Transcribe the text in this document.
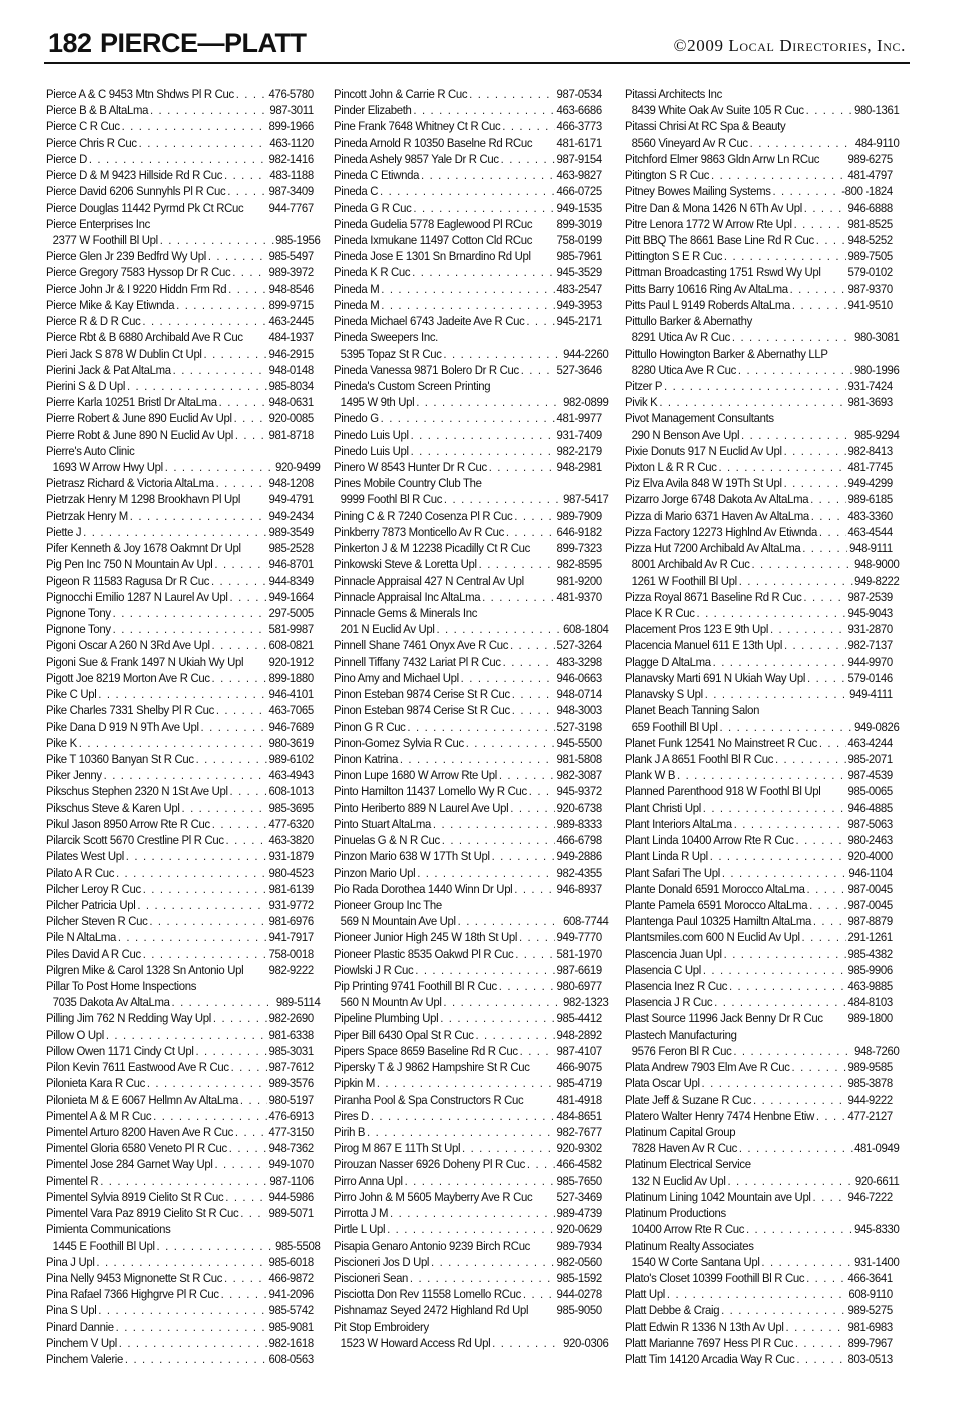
182 PIERCE—PLATT	©2009 Local Directories, Inc.
Pierce A & C 9453 Mtn Shdws Pl R Cuc . . .	476-5780
Pierce B & B AltaLma . . .	987-3011
Pierce C R Cuc . . .	899-1966
Pierce Chris R Cuc . . .	463-1120
Pierce D . . .	982-1416
Pierce D & M 9423 Hillside Rd R Cuc . . .	483-1188
Pierce David 6206 Sunnyhls Pl R Cuc . . .	987-3409
Pierce Douglas 11442 Pyrmd Pk Ct RCuc 944-7767
Pierce Enterprises Inc
2377 W Foothill Bl Upl . . .	985-1956
Pierce Glen Jr 239 Bedfrd Wy Upl . . .	985-5497
Pierce Gregory 7583 Hyssop Dr R Cuc . . .	989-3972
Pierce John Jr & I 9220 Hiddn Frm Rd . . .	948-8546
Pierce Mike & Kay Etiwnda . . .	899-9715
Pierce R & D R Cuc . . .	463-2445
Pierce Rbt & B 6880 Archibald Ave R Cuc 484-1937
Pieri Jack S 878 W Dublin Ct Upl . . .	946-2915
Pierini Jack & Pat AltaLma . . .	948-0148
Pierini S & D Upl . . .	985-8034
Pierre Karla 10251 Bristl Dr AltaLma . . .	948-0631
Pierre Robert & June 890 Euclid Av Upl . . .	920-0085
Pierre Robt & June 890 N Euclid Av Upl . . .	981-8718
Pierre's Auto Clinic
1693 W Arrow Hwy Upl . . .	920-9499
Pietrasz Richard & Victoria AltaLma . . .	948-1208
Pietrzak Henry M 1298 Brookhavn Pl Upl 949-4791
Pietrzak Henry M . . .	949-2434
Piette J . . .	989-3549
Pifer Kenneth & Joy 1678 Oakmnt Dr Upl 985-2528
Pig Pen Inc 750 N Mountain Av Upl . . .	946-8701
Pigeon R 11583 Ragusa Dr R Cuc . . .	944-8349
Pignocchi Emilio 1287 N Laurel Av Upl . . .	949-1664
Pignone Tony . . .	297-5005
Pignone Tony . . .	581-9987
Pigoni Oscar A 260 N 3Rd Ave Upl . . .	608-0821
Pigoni Sue & Frank 1497 N Ukiah Wy Upl 920-1912
Pigott Joe 8219 Morton Ave R Cuc . . .	899-1880
Pike C Upl . . .	946-4101
Pike Charles 7331 Shelby Pl R Cuc . . .	463-7065
Pike Dana D 919 N 9Th Ave Upl . . .	946-7689
Pike K . . .	980-3619
Pike T 10360 Banyan St R Cuc . . .	989-6102
Piker Jenny . . .	463-4943
Pikschus Stephen 2320 N 1St Ave Upl . . .	608-1013
Pikschus Steve & Karen Upl . . .	985-3695
Pikul Jason 8950 Arrow Rte R Cuc . . .	477-6320
Pilarcik Scott 5670 Crestline Pl R Cuc . . .	463-3820
Pilates West Upl . . .	931-1879
Pilato A R Cuc . . .	980-4523
Pilcher Leroy R Cuc . . .	981-6139
Pilcher Patricia Upl . . .	931-9772
Pilcher Steven R Cuc . . .	981-6976
Pile N AltaLma . . .	941-7917
Piles David A R Cuc . . .	758-0018
Pilgren Mike & Carol 1328 Sn Antonio Upl 982-9222
Pillar To Post Home Inspections
7035 Dakota Av AltaLma . . .	989-5114
Pilling Jim 762 N Redding Way Upl . . .	982-2690
Pillow O Upl . . .	981-6338
Pillow Owen 1171 Cindy Ct Upl . . .	985-3031
Pilon Kevin 7611 Eastwood Ave R Cuc . . .	987-7612
Pilonieta Kara R Cuc . . .	989-3576
Pilonieta M & E 6067 Hellmn Av AltaLma . . .	980-5197
Pimentel A & M R Cuc . . .	476-6913
Pimentel Arturo 8200 Haven Ave R Cuc . . .	477-3150
Pimentel Gloria 6580 Veneto Pl R Cuc . . .	948-7362
Pimentel Jose 284 Garnet Way Upl . . .	949-1070
Pimentel R . . .	987-1106
Pimentel Sylvia 8919 Cielito St R Cuc . . .	944-5986
Pimentel Vara Paz 8919 Cielito St R Cuc . . . 989-5071
Pimienta Communications
1445 E Foothill Bl Upl . . .	985-5508
Pina J Upl . . .	985-6018
Pina Nelly 9453 Mignonette St R Cuc . . .	466-9872
Pina Rafael 7366 Highgrve Pl R Cuc . . .	941-2096
Pina S Upl . . .	985-5742
Pinard Dannie . . .	985-9081
Pinchem V Upl . . .	982-1618
Pinchem Valerie . . .	608-0563
Pincott John & Carrie R Cuc . . .	987-0534
Pinder Elizabeth . . .	463-6686
Pine Frank 7648 Whitney Ct R Cuc . . .	466-3773
Pineda Arnold R 10350 Baselne Rd RCuc 481-6171
Pineda Ashely 9857 Yale Dr R Cuc . . .	987-9154
Pineda C Etiwnda . . .	463-9827
Pineda C . . .	466-0725
Pineda G R Cuc . . .	949-1535
Pineda Gudelia 5778 Eaglewood Pl RCuc 899-3019
Pineda Ixmukane 11497 Cotton Cld RCuc 758-0199
Pineda Jose E 1301 Sn Brnardino Rd Upl 985-7961
Pineda K R Cuc . . .	945-3529
Pineda M . . .	483-2547
Pineda M . . .	949-3953
Pineda Michael 6743 Jadeite Ave R Cuc . . .	945-2171
Pineda Sweepers Inc.
5395 Topaz St R Cuc . . .	944-2260
Pineda Vanessa 9871 Bolero Dr R Cuc . . .	527-3646
Pineda's Custom Screen Printing
1495 W 9th Upl . . .	982-0899
Pinedo G . . .	481-9977
Pinedo Luis Upl . . .	931-7409
Pinedo Luis Upl . . .	982-2179
Pinero W 8543 Hunter Dr R Cuc . . .	948-2981
Pines Mobile Country Club The
9999 Foothl Bl R Cuc . . .	987-5417
Pining C & R 7240 Cosenza Pl R Cuc . . .	989-7909
Pinkberry 7873 Monticello Av R Cuc . . .	646-9182
Pinkerton J & M 12238 Picadilly Ct R Cuc 899-7323
Pinkowski Steve & Loretta Upl . . .	982-8595
Pinnacle Appraisal 427 N Central Av Upl	981-9200
Pinnacle Appraisal Inc AltaLma . . .	481-9370
Pinnacle Gems & Minerals Inc
201 N Euclid Av Upl . . .	608-1804
Pinnell Shane 7461 Onyx Ave R Cuc . . .	527-3264
Pinnell Tiffany 7432 Lariat Pl R Cuc . . .	483-3298
Pino Amy and Michael Upl . . .	946-0663
Pinon Esteban 9874 Cerise St R Cuc . . .	948-0714
Pinon Esteban 9874 Cerise St R Cuc . . .	948-3003
Pinon G R Cuc . . .	527-3198
Pinon-Gomez Sylvia R Cuc . . .	945-5500
Pinon Katrina . . .	981-5808
Pinon Lupe 1680 W Arrow Rte Upl . . .	982-3087
Pinto Hamilton 11437 Lomello Wy R Cuc . . . 945-9372
Pinto Heriberto 889 N Laurel Ave Upl . . .	920-6738
Pinto Stuart AltaLma . . .	989-8333
Pinuelas G & N R Cuc . . .	466-6798
Pinzon Mario 638 W 17Th St Upl . . .	949-2886
Pinzon Mario Upl . . .	982-4355
Pio Rada Dorothea 1440 Winn Dr Upl . . .	946-8937
Pioneer Group Inc The
569 N Mountain Ave Upl . . .	608-7744
Pioneer Junior High 245 W 18th St Upl . . .	949-7770
Pioneer Plastic 8535 Oakwd Pl R Cuc . . .	581-1970
Piowlski J R Cuc . . .	987-6619
Pip Printing 9741 Foothill Bl R Cuc . . .	980-6977
560 N Mountn Av Upl . . .	982-1323
Pipeline Plumbing Upl . . .	985-4412
Piper Bill 6430 Opal St R Cuc . . .	948-2892
Pipers Space 8659 Baseline Rd R Cuc . . .	987-4107
Pipersky T & J 9862 Hampshire St R Cuc 466-9075
Pipkin M . . .	985-4719
Piranha Pool & Spa Constructors R Cuc	481-4918
Pires D . . .	484-8651
Pirih B . . .	982-7677
Pirog M 867 E 11Th St Upl . . .	920-9302
Pirouzan Nasser 6926 Doheny Pl R Cuc . . .	466-4582
Pirro Anna Upl . . .	985-7650
Pirro John & M 5605 Mayberry Ave R Cuc 527-3469
Pirrotta J M . . .	989-4739
Pirtle L Upl . . .	920-0629
Pisapia Genaro Antonio 9239 Birch RCuc 989-7934
Piscioneri Jos D Upl . . .	982-0560
Piscioneri Sean . . .	985-1592
Pisciotta Don Rev 11558 Lomello RCuc . . .	944-0278
Pishnamaz Seyed 2472 Highland Rd Upl 985-9050
Pit Stop Embroidery
1523 W Howard Access Rd Upl . . .	920-0306
Pitassi Architects Inc
8439 White Oak Av Suite 105 R Cuc . . .	980-1361
Pitassi Chrisi At RC Spa & Beauty
8560 Vineyard Av R Cuc . . .	484-9110
Pitchford Elmer 9863 Gldn Arrw Ln RCuc 989-6275
Pitington S R Cuc . . .	481-4797
Pitney Bowes Mailing Systems . . .	-800 -1824
Pitre Dan & Mona 1426 N 6Th Av Upl . . .	946-6888
Pitre Lenora 1772 W Arrow Rte Upl . . .	981-8525
Pitt BBQ The 8661 Base Line Rd R Cuc . . .	948-5252
Pittington S E R Cuc . . .	989-7505
Pittman Broadcasting 1751 Rswd Wy Upl 579-0102
Pitts Barry 10616 Ring Av AltaLma . . .	987-9370
Pitts Paul L 9149 Roberds AltaLma . . .	941-9510
Pittullo Barker & Abernathy
8291 Utica Av R Cuc . . .	980-3081
Pittullo Howington Barker & Abernathy LLP
8280 Utica Ave R Cuc . . .	980-1996
Pitzer P . . .	931-7424
Pivik K . . .	981-3693
Pivot Management Consultants
290 N Benson Ave Upl . . .	985-9294
Pixie Donuts 917 N Euclid Av Upl . . .	982-8413
Pixton L & R R Cuc . . .	481-7745
Piz Elva Avila 848 W 19Th St Upl . . .	949-4299
Pizarro Jorge 6748 Dakota Av AltaLma . . .	989-6185
Pizza di Mario 6371 Haven Av AltaLma . . .	483-3360
Pizza Factory 12273 Highlnd Av Etiwnda . . .	463-4544
Pizza Hut 7200 Archibald Av AltaLma . . .	948-9111
8001 Archibald Av R Cuc . . .	948-9000
1261 W Foothill Bl Upl . . .	949-8222
Pizza Royal 8671 Baseline Rd R Cuc . . .	987-2539
Place K R Cuc . . .	945-9043
Placement Pros 123 E 9th Upl . . .	931-2870
Placencia Manuel 611 E 13th Upl . . .	982-7137
Plagge D AltaLma . . .	944-9970
Planavsky Marti 691 N Ukiah Way Upl . . .	579-0146
Planavsky S Upl . . .	949-4111
Planet Beach Tanning Salon
659 Foothill Bl Upl . . .	949-0826
Planet Funk 12541 No Mainstreet R Cuc . . .	463-4244
Plank J A 8651 Foothl Bl R Cuc . . .	985-2071
Plank W B . . .	987-4539
Planned Parenthood 918 W Foothl Bl Upl 985-0065
Plant Christi Upl . . .	946-4885
Plant Interiors AltaLma . . .	987-5063
Plant Linda 10400 Arrow Rte R Cuc . . .	980-2463
Plant Linda R Upl . . .	920-4000
Plant Safari The Upl . . .	946-1104
Plante Donald 6591 Morocco AltaLma . . .	987-0045
Plante Pamela 6591 Morocco AltaLma . . .	987-0045
Plantenga Paul 10325 Hamiltn AltaLma . . .	987-8879
Plantsmiles.com 600 N Euclid Av Upl . . .	291-1261
Plascencia Juan Upl . . .	985-4382
Plasencia C Upl . . .	985-9906
Plasencia Inez R Cuc . . .	463-9885
Plasencia J R Cuc . . .	484-8103
Plast Source 11996 Jack Benny Dr R Cuc 989-1800
Plastech Manufacturing
9576 Feron Bl R Cuc . . .	948-7260
Plata Andrew 7903 Elm Ave R Cuc . . .	989-9585
Plata Oscar Upl . . .	985-3878
Plate Jeff & Suzane R Cuc . . .	944-9222
Platero Walter Henry 7474 Henbne Etiw . . .	477-2127
Platinum Capital Group
7828 Haven Av R Cuc . . .	481-0949
Platinum Electrical Service
132 N Euclid Av Upl . . .	920-6611
Platinum Lining 1042 Mountain ave Upl . . .	946-7222
Platinum Productions
10400 Arrow Rte R Cuc . . .	945-8330
Platinum Realty Associates
1540 W Corte Santana Upl . . .	931-1400
Plato's Closet 10399 Foothill Bl R Cuc . . .	466-3641
Platt Upl . . .	608-9110
Platt Debbe & Craig . . .	989-5275
Platt Edwin R 1336 N 13th Av Upl . . .	981-6983
Platt Marianne 7697 Hess Pl R Cuc . . .	899-7967
Platt Tim 14120 Arcadia Way R Cuc . . .	803-0513
